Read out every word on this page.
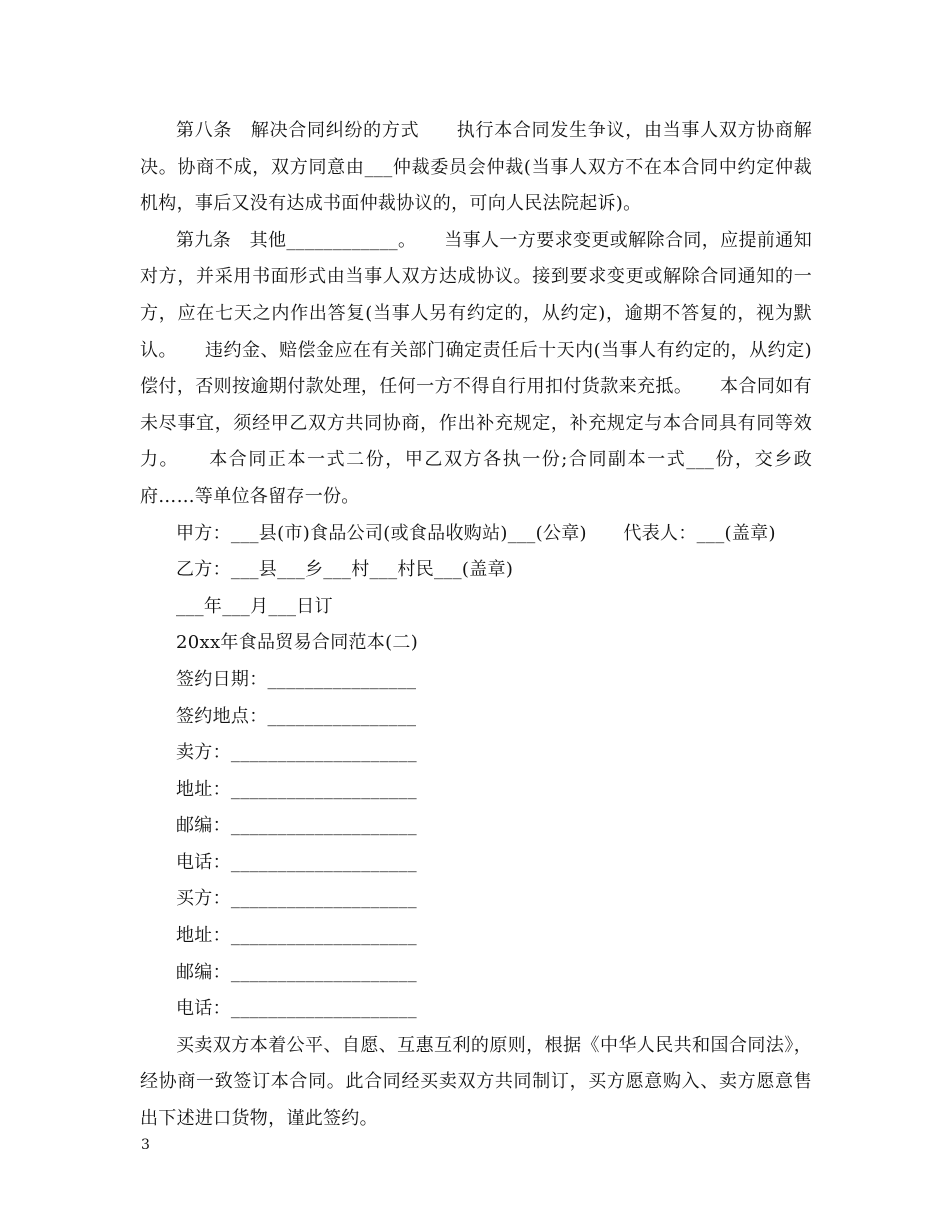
第八条　解决合同纠纷的方式　　执行本合同发生争议，由当事人双方协商解决。协商不成，双方同意由___仲裁委员会仲裁(当事人双方不在本合同中约定仲裁机构，事后又没有达成书面仲裁协议的，可向人民法院起诉)。

第九条　其他____________。　　当事人一方要求变更或解除合同，应提前通知对方，并采用书面形式由当事人双方达成协议。接到要求变更或解除合同通知的一方，应在七天之内作出答复(当事人另有约定的，从约定)，逾期不答复的，视为默认。　　违约金、赔偿金应在有关部门确定责任后十天内(当事人有约定的，从约定)偿付，否则按逾期付款处理，任何一方不得自行用扣付货款来充抵。　　本合同如有未尽事宜，须经甲乙双方共同协商，作出补充规定，补充规定与本合同具有同等效力。　　本合同正本一式二份，甲乙双方各执一份;合同副本一式___份，交乡政府……等单位各留存一份。

甲方：___县(市)食品公司(或食品收购站)___(公章)　　代表人：___(盖章)

乙方：___县___乡___村___村民___(盖章)

___年___月___日订

20xx年食品贸易合同范本(二)

签约日期：________________

签约地点：________________

卖方：____________________

地址：____________________

邮编：____________________

电话：____________________

买方：____________________

地址：____________________

邮编：____________________

电话：____________________

买卖双方本着公平、自愿、互惠互利的原则，根据《中华人民共和国合同法》，经协商一致签订本合同。此合同经买卖双方共同制订，买方愿意购入、卖方愿意售出下述进口货物，谨此签约。

3
